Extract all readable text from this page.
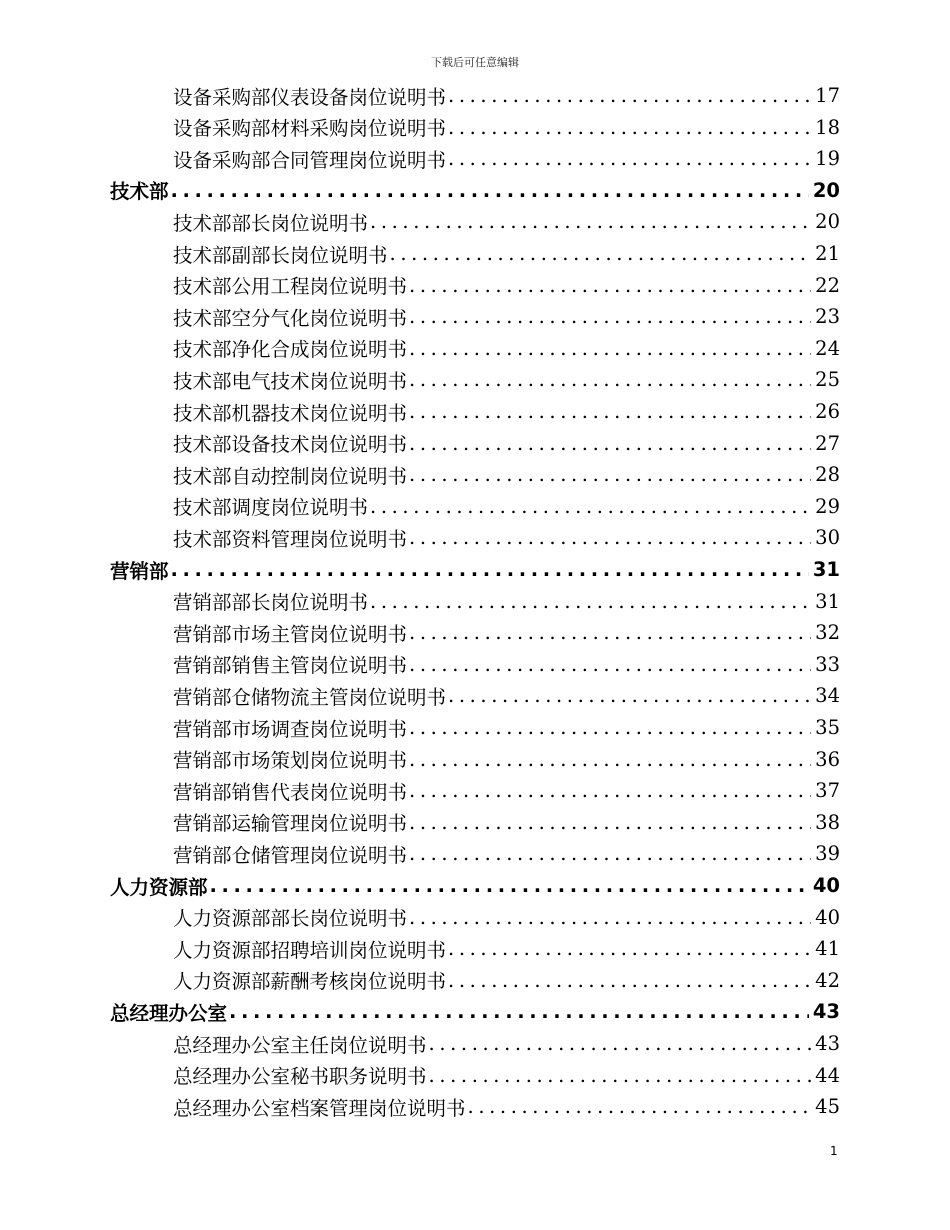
下载后可任意编辑
设备采购部仪表设备岗位说明书 .....	17
设备采购部材料采购岗位说明书 .....	18
设备采购部合同管理岗位说明书 .....	19
技术部 .....	20
技术部部长岗位说明书 .....	20
技术部副部长岗位说明书 .....	21
技术部公用工程岗位说明书 .....	22
技术部空分气化岗位说明书 .....	23
技术部净化合成岗位说明书 .....	24
技术部电气技术岗位说明书 .....	25
技术部机器技术岗位说明书 .....	26
技术部设备技术岗位说明书 .....	27
技术部自动控制岗位说明书 .....	28
技术部调度岗位说明书 .....	29
技术部资料管理岗位说明书 .....	30
营销部 .....	31
营销部部长岗位说明书 .....	31
营销部市场主管岗位说明书 .....	32
营销部销售主管岗位说明书 .....	33
营销部仓储物流主管岗位说明书 .....	34
营销部市场调查岗位说明书 .....	35
营销部市场策划岗位说明书 .....	36
营销部销售代表岗位说明书 .....	37
营销部运输管理岗位说明书 .....	38
营销部仓储管理岗位说明书 .....	39
人力资源部 .....	40
人力资源部部长岗位说明书 .....	40
人力资源部招聘培训岗位说明书 .....	41
人力资源部薪酬考核岗位说明书 .....	42
总经理办公室 .....	43
总经理办公室主任岗位说明书 .....	43
总经理办公室秘书职务说明书 .....	44
总经理办公室档案管理岗位说明书 .....	45
1
